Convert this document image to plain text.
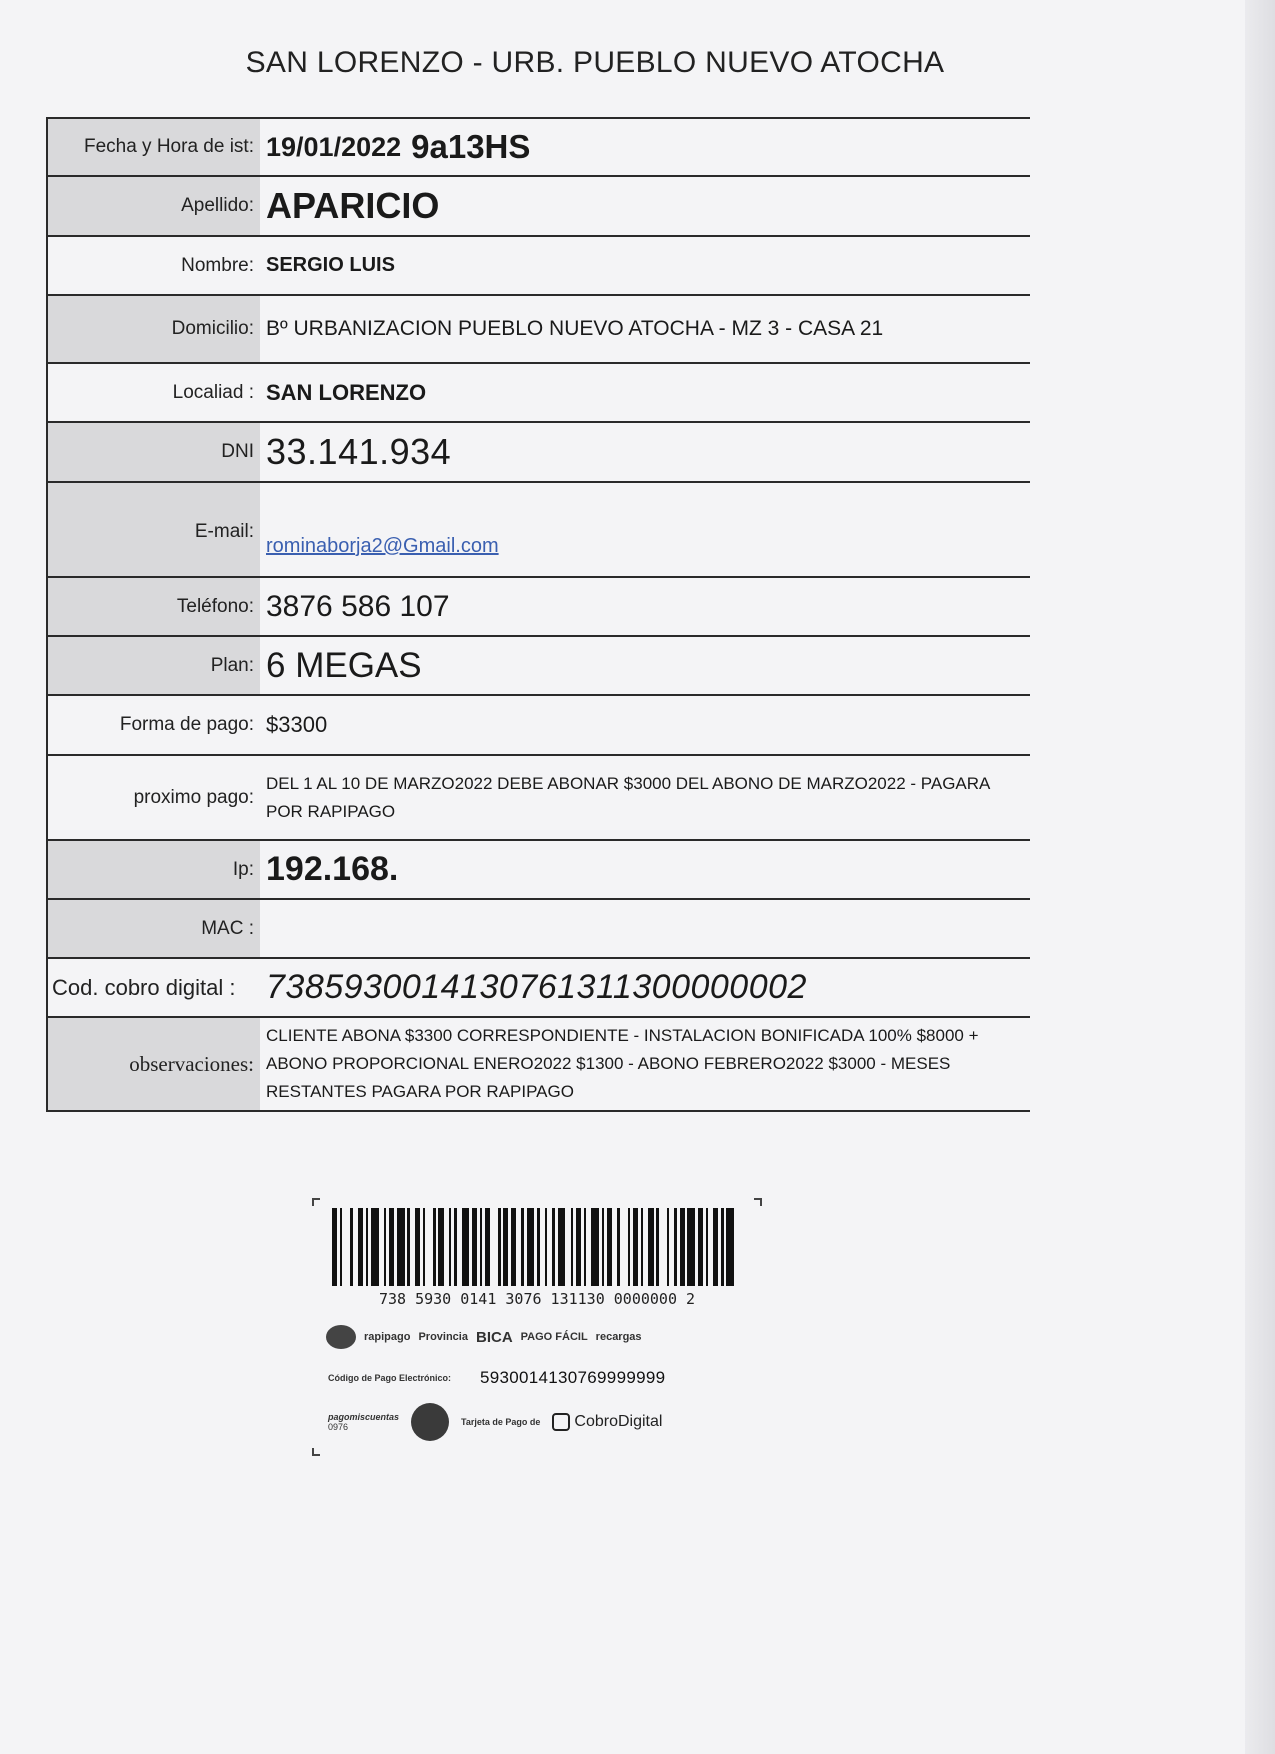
SAN LORENZO - URB. PUEBLO NUEVO ATOCHA
Fecha y Hora de ist: 19/01/2022 9a13HS
Apellido: APARICIO
Nombre: SERGIO LUIS
Domicilio: Bº URBANIZACION PUEBLO NUEVO ATOCHA - MZ 3 - CASA 21
Localiad : SAN LORENZO
DNI 33.141.934
E-mail:
rominaborja2@Gmail.com
Teléfono: 3876 586 107
Plan: 6 MEGAS
Forma de pago: $3300
proximo pago:
DEL 1 AL 10 DE MARZO2022 DEBE ABONAR $3000 DEL ABONO DE MARZO2022 - PAGARA POR RAPIPAGO
Ip: 192.168.
MAC :
Cod. cobro digital : 7385930014130761311300000002
observaciones:
CLIENTE ABONA $3300 CORRESPONDIENTE - INSTALACION BONIFICADA 100% $8000 + ABONO PROPORCIONAL ENERO2022 $1300 - ABONO FEBRERO2022 $3000 - MESES RESTANTES PAGARA POR RAPIPAGO
738 5930 0141 3076 131130 0000000 2
rapipago Provincia BICA PAGO FÁCIL recargas
Código de Pago Electrónico:	5930014130769999999
pagomiscuentas
0976	Tarjeta de Pago de CobroDigital
